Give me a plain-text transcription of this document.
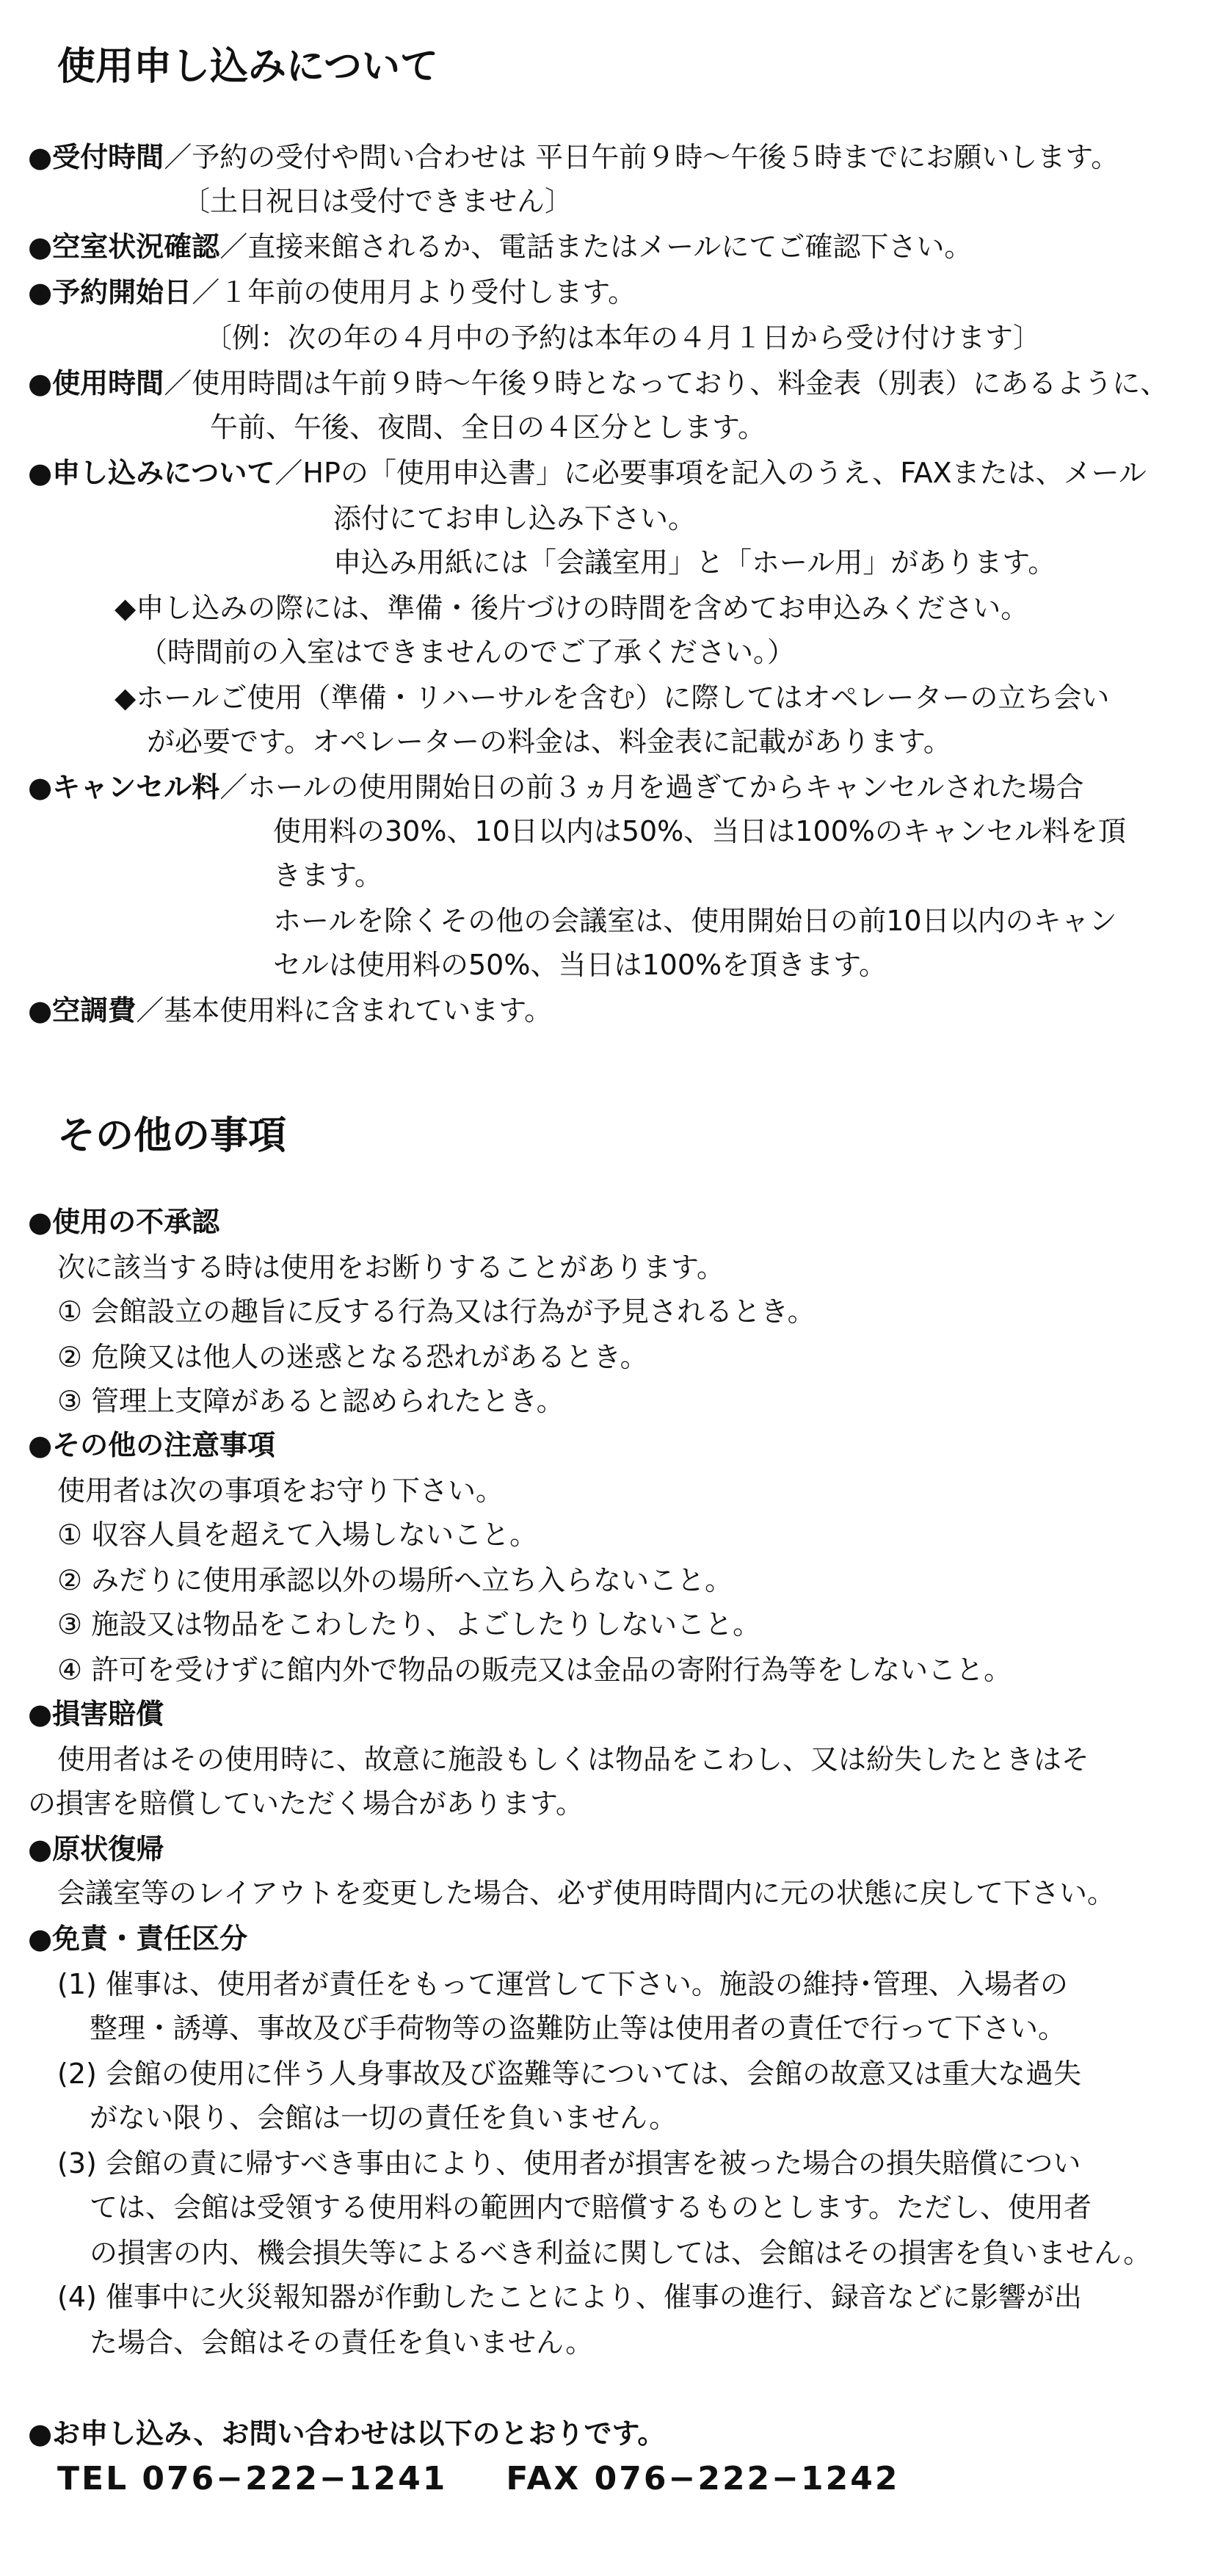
使用申し込みについて
●受付時間／予約の受付や問い合わせは 平日午前９時〜午後５時までにお願いします。
〔土日祝日は受付できません〕
●空室状況確認／直接来館されるか、電話またはメールにてご確認下さい。
●予約開始日／１年前の使用月より受付します。
〔例：次の年の４月中の予約は本年の４月１日から受け付けます〕
●使用時間／使用時間は午前９時〜午後９時となっており、料金表（別表）にあるように、
午前、午後、夜間、全日の４区分とします。
●申し込みについて／HPの「使用申込書」に必要事項を記入のうえ、FAXまたは、メール
添付にてお申し込み下さい。
申込み用紙には「会議室用」と「ホール用」があります。
◆申し込みの際には、準備・後片づけの時間を含めてお申込みください。
（時間前の入室はできませんのでご了承ください。）
◆ホールご使用（準備・リハーサルを含む）に際してはオペレーターの立ち会い
が必要です。オペレーターの料金は、料金表に記載があります。
●キャンセル料／ホールの使用開始日の前３ヵ月を過ぎてからキャンセルされた場合
使用料の30%、10日以内は50%、当日は100%のキャンセル料を頂
きます。
ホールを除くその他の会議室は、使用開始日の前10日以内のキャン
セルは使用料の50%、当日は100%を頂きます。
●空調費／基本使用料に含まれています。
その他の事項
●使用の不承認
次に該当する時は使用をお断りすることがあります。
① 会館設立の趣旨に反する行為又は行為が予見されるとき。
② 危険又は他人の迷惑となる恐れがあるとき。
③ 管理上支障があると認められたとき。
●その他の注意事項
使用者は次の事項をお守り下さい。
① 収容人員を超えて入場しないこと。
② みだりに使用承認以外の場所へ立ち入らないこと。
③ 施設又は物品をこわしたり、よごしたりしないこと。
④ 許可を受けずに館内外で物品の販売又は金品の寄附行為等をしないこと。
●損害賠償
使用者はその使用時に、故意に施設もしくは物品をこわし、又は紛失したときはそ
の損害を賠償していただく場合があります。
●原状復帰
会議室等のレイアウトを変更した場合、必ず使用時間内に元の状態に戻して下さい。
●免責・責任区分
(1) 催事は、使用者が責任をもって運営して下さい。施設の維持･管理、入場者の
整理・誘導、事故及び手荷物等の盗難防止等は使用者の責任で行って下さい。
(2) 会館の使用に伴う人身事故及び盗難等については、会館の故意又は重大な過失
がない限り、会館は一切の責任を負いません。
(3) 会館の責に帰すべき事由により、使用者が損害を被った場合の損失賠償につい
ては、会館は受領する使用料の範囲内で賠償するものとします。ただし、使用者
の損害の内、機会損失等によるべき利益に関しては、会館はその損害を負いません。
(4) 催事中に火災報知器が作動したことにより、催事の進行、録音などに影響が出
た場合、会館はその責任を負いません。
●お申し込み、お問い合わせは以下のとおりです。
TEL 076−222−1241 FAX 076−222−1242
